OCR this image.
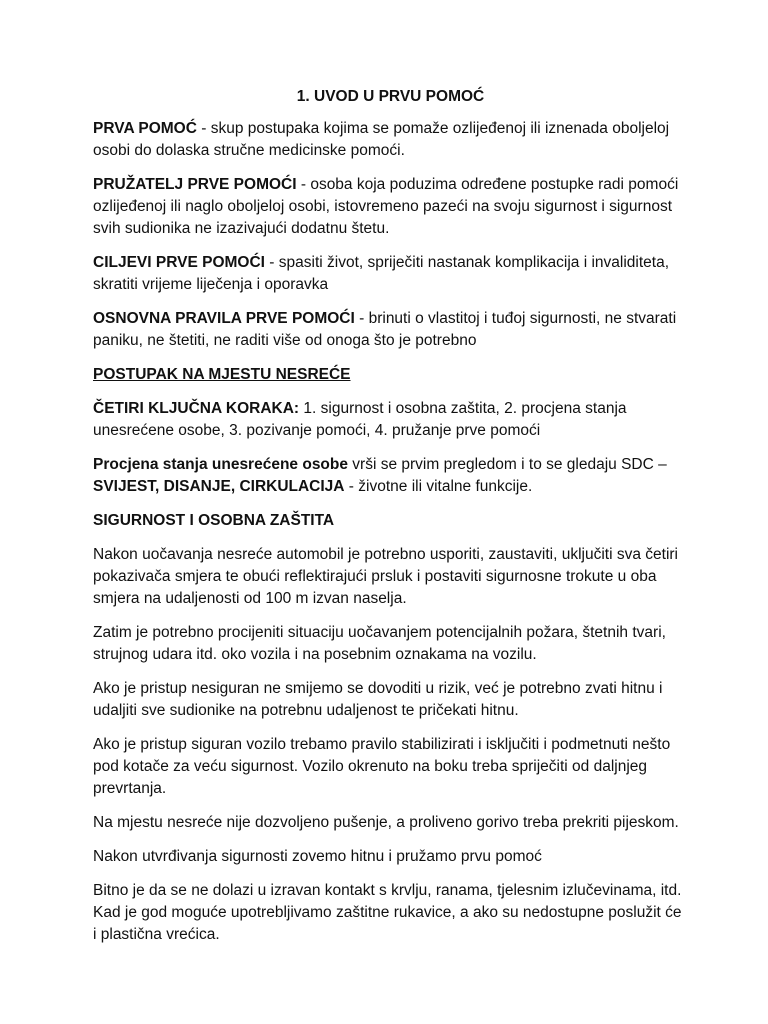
1. UVOD U PRVU POMOĆ

PRVA POMOĆ - skup postupaka kojima se pomaže ozlijeđenoj ili iznenada oboljeloj osobi do dolaska stručne medicinske pomoći.

PRUŽATELJ PRVE POMOĆI - osoba koja poduzima određene postupke radi pomoći ozlijeđenoj ili naglo oboljeloj osobi, istovremeno pazeći na svoju sigurnost i sigurnost svih sudionika ne izazivajući dodatnu štetu.

CILJEVI PRVE POMOĆI - spasiti život, spriječiti nastanak komplikacija i invaliditeta, skratiti vrijeme liječenja i oporavka

OSNOVNA PRAVILA PRVE POMOĆI - brinuti o vlastitoj i tuđoj sigurnosti, ne stvarati paniku, ne štetiti, ne raditi više od onoga što je potrebno

POSTUPAK NA MJESTU NESREĆE

ČETIRI KLJUČNA KORAKA: 1. sigurnost i osobna zaštita, 2. procjena stanja unesrećene osobe, 3. pozivanje pomoći, 4. pružanje prve pomoći

Procjena stanja unesrećene osobe vrši se prvim pregledom i to se gledaju SDC – SVIJEST, DISANJE, CIRKULACIJA - životne ili vitalne funkcije.

SIGURNOST I OSOBNA ZAŠTITA

Nakon uočavanja nesreće automobil je potrebno usporiti, zaustaviti, uključiti sva četiri pokazivača smjera te obući reflektirajući prsluk i postaviti sigurnosne trokute u oba smjera na udaljenosti od 100 m izvan naselja.

Zatim je potrebno procijeniti situaciju uočavanjem potencijalnih požara, štetnih tvari, strujnog udara itd. oko vozila i na posebnim oznakama na vozilu.

Ako je pristup nesiguran ne smijemo se dovoditi u rizik, već je potrebno zvati hitnu i udaljiti sve sudionike na potrebnu udaljenost te pričekati hitnu.

Ako je pristup siguran vozilo trebamo pravilo stabilizirati i isključiti i podmetnuti nešto pod kotače za veću sigurnost. Vozilo okrenuto na boku treba spriječiti od daljnjeg prevrtanja.

Na mjestu nesreće nije dozvoljeno pušenje, a proliveno gorivo treba prekriti pijeskom.

Nakon utvrđivanja sigurnosti zovemo hitnu i pružamo prvu pomoć

Bitno je da se ne dolazi u izravan kontakt s krvlju, ranama, tjelesnim izlučevinama, itd. Kad je god moguće upotrebljivamo zaštitne rukavice, a ako su nedostupne poslužit će i plastična vrećica.
